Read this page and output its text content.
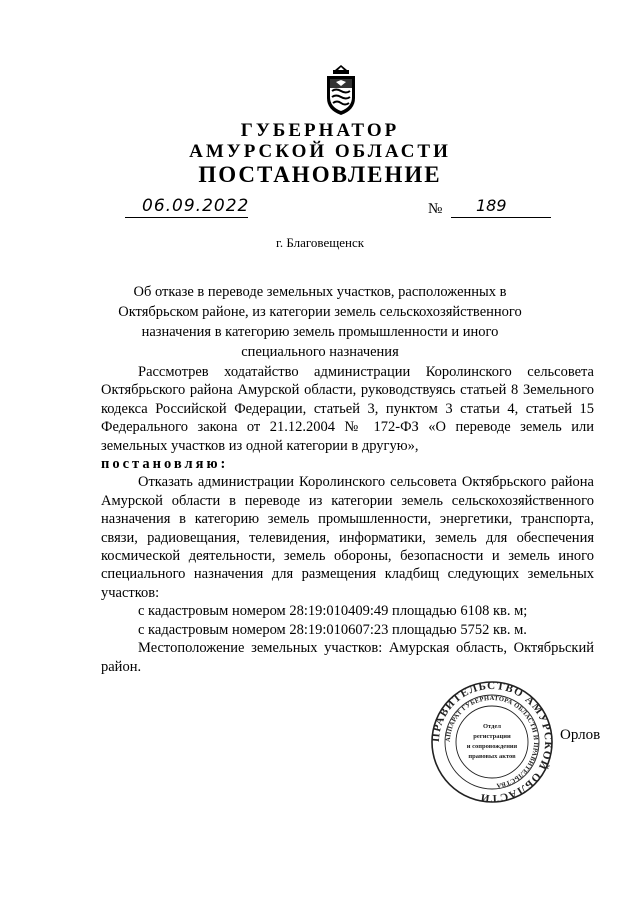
ГУБЕРНАТОР
АМУРСКОЙ ОБЛАСТИ
ПОСТАНОВЛЕНИЕ
06.09.2022	№ 189
г. Благовещенск
Об отказе в переводе земельных участков, расположенных в Октябрьском районе, из категории земель сельскохозяйственного назначения в категорию земель промышленности и иного специального назначения

Рассмотрев ходатайство администрации Королинского сельсовета Октябрьского района Амурской области, руководствуясь статьей 8 Земельного кодекса Российской Федерации, статьей 3, пунктом 3 статьи 4, статьей 15 Федерального закона от 21.12.2004 № 172-ФЗ «О переводе земель или земельных участков из одной категории в другую»,

постановляю:

Отказать администрации Королинского сельсовета Октябрьского района Амурской области в переводе из категории земель сельскохозяйственного назначения в категорию земель промышленности, энергетики, транспорта, связи, радиовещания, телевидения, информатики, земель для обеспечения космической деятельности, земель обороны, безопасности и земель иного специального назначения для размещения кладбищ следующих земельных участков:

с кадастровым номером 28:19:010409:49 площадью 6108 кв. м;

с кадастровым номером 28:19:010607:23 площадью 5752 кв. м.

Местоположение земельных участков: Амурская область, Октябрьский район.

ПРАВИТЕЛЬСТВО АМУРСКОЙ ОБЛАСТИ
АППАРАТ ГУБЕРНАТОРА ОБЛАСТИ И ПРАВИТЕЛЬСТВА
Отдел
регистрации
и сопровождения
правовых актов
Орлов
